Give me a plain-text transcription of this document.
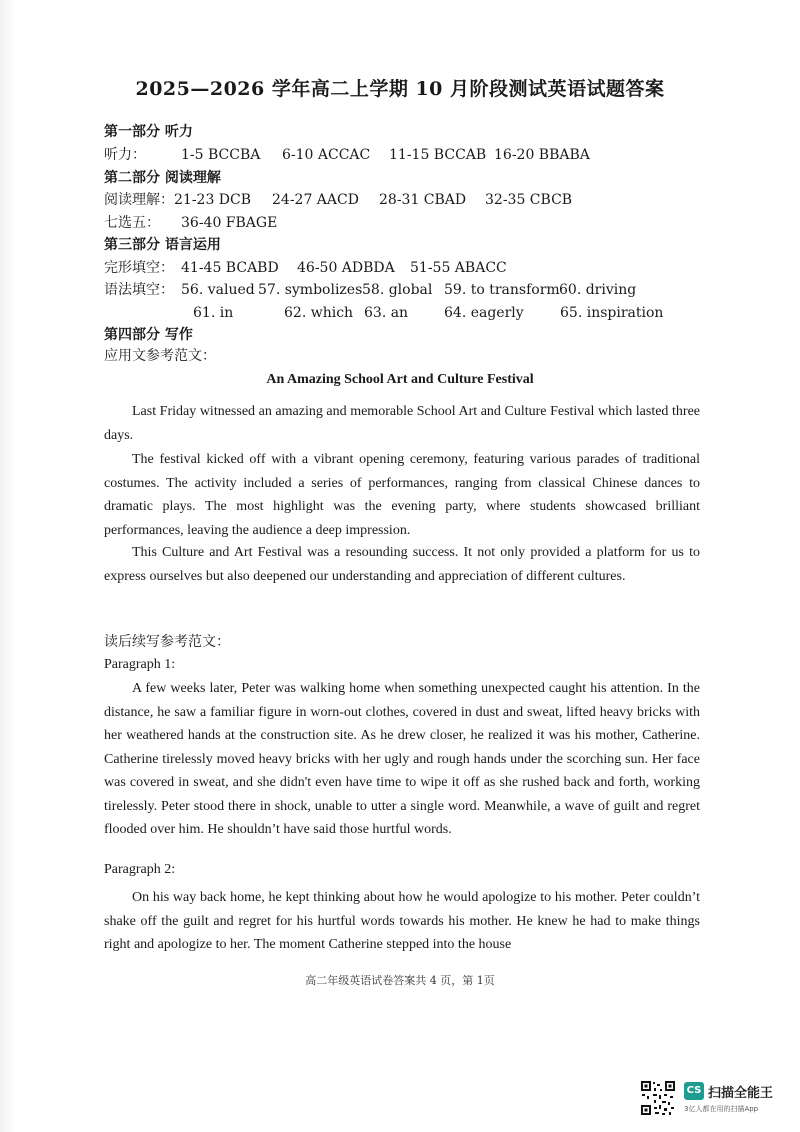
2025—2026 学年高二上学期 10 月阶段测试英语试题答案
第一部分 听力
听力：	1-5 BCCBA 6-10 ACCAC 11-15 BCCAB 16-20 BBABA
第二部分 阅读理解
阅读理解： 21-23 DCB 24-27 AACD 28-31 CBAD 32-35 CBCB
七选五： 36-40 FBAGE
第三部分 语言运用
完形填空： 41-45 BCABD 46-50 ADBDA 51-55 ABACC
语法填空： 56. valued 57. symbolizes 58. global 59. to transform 60. driving
61. in	62. which 63. an	64. eagerly	65. inspiration
第四部分 写作
应用文参考范文：
An Amazing School Art and Culture Festival
Last Friday witnessed an amazing and memorable School Art and Culture Festival which lasted three days.
The festival kicked off with a vibrant opening ceremony, featuring various parades of traditional costumes. The activity included a series of performances, ranging from classical Chinese dances to dramatic plays. The most highlight was the evening party, where students showcased brilliant performances, leaving the audience a deep impression.
This Culture and Art Festival was a resounding success. It not only provided a platform for us to express ourselves but also deepened our understanding and appreciation of different cultures.
读后续写参考范文：
Paragraph 1:
A few weeks later, Peter was walking home when something unexpected caught his attention. In the distance, he saw a familiar figure in worn-out clothes, covered in dust and sweat, lifted heavy bricks with her weathered hands at the construction site. As he drew closer, he realized it was his mother, Catherine. Catherine tirelessly moved heavy bricks with her ugly and rough hands under the scorching sun. Her face was covered in sweat, and she didn't even have time to wipe it off as she rushed back and forth, working tirelessly. Peter stood there in shock, unable to utter a single word. Meanwhile, a wave of guilt and regret flooded over him. He shouldn’t have said those hurtful words.
Paragraph 2:
On his way back home, he kept thinking about how he would apologize to his mother. Peter couldn’t shake off the guilt and regret for his hurtful words towards his mother. He knew he had to make things right and apologize to her. The moment Catherine stepped into the house
高二年级英语试卷答案共 4 页，第 1页
CS 扫描全能王
3亿人都在用的扫描App
